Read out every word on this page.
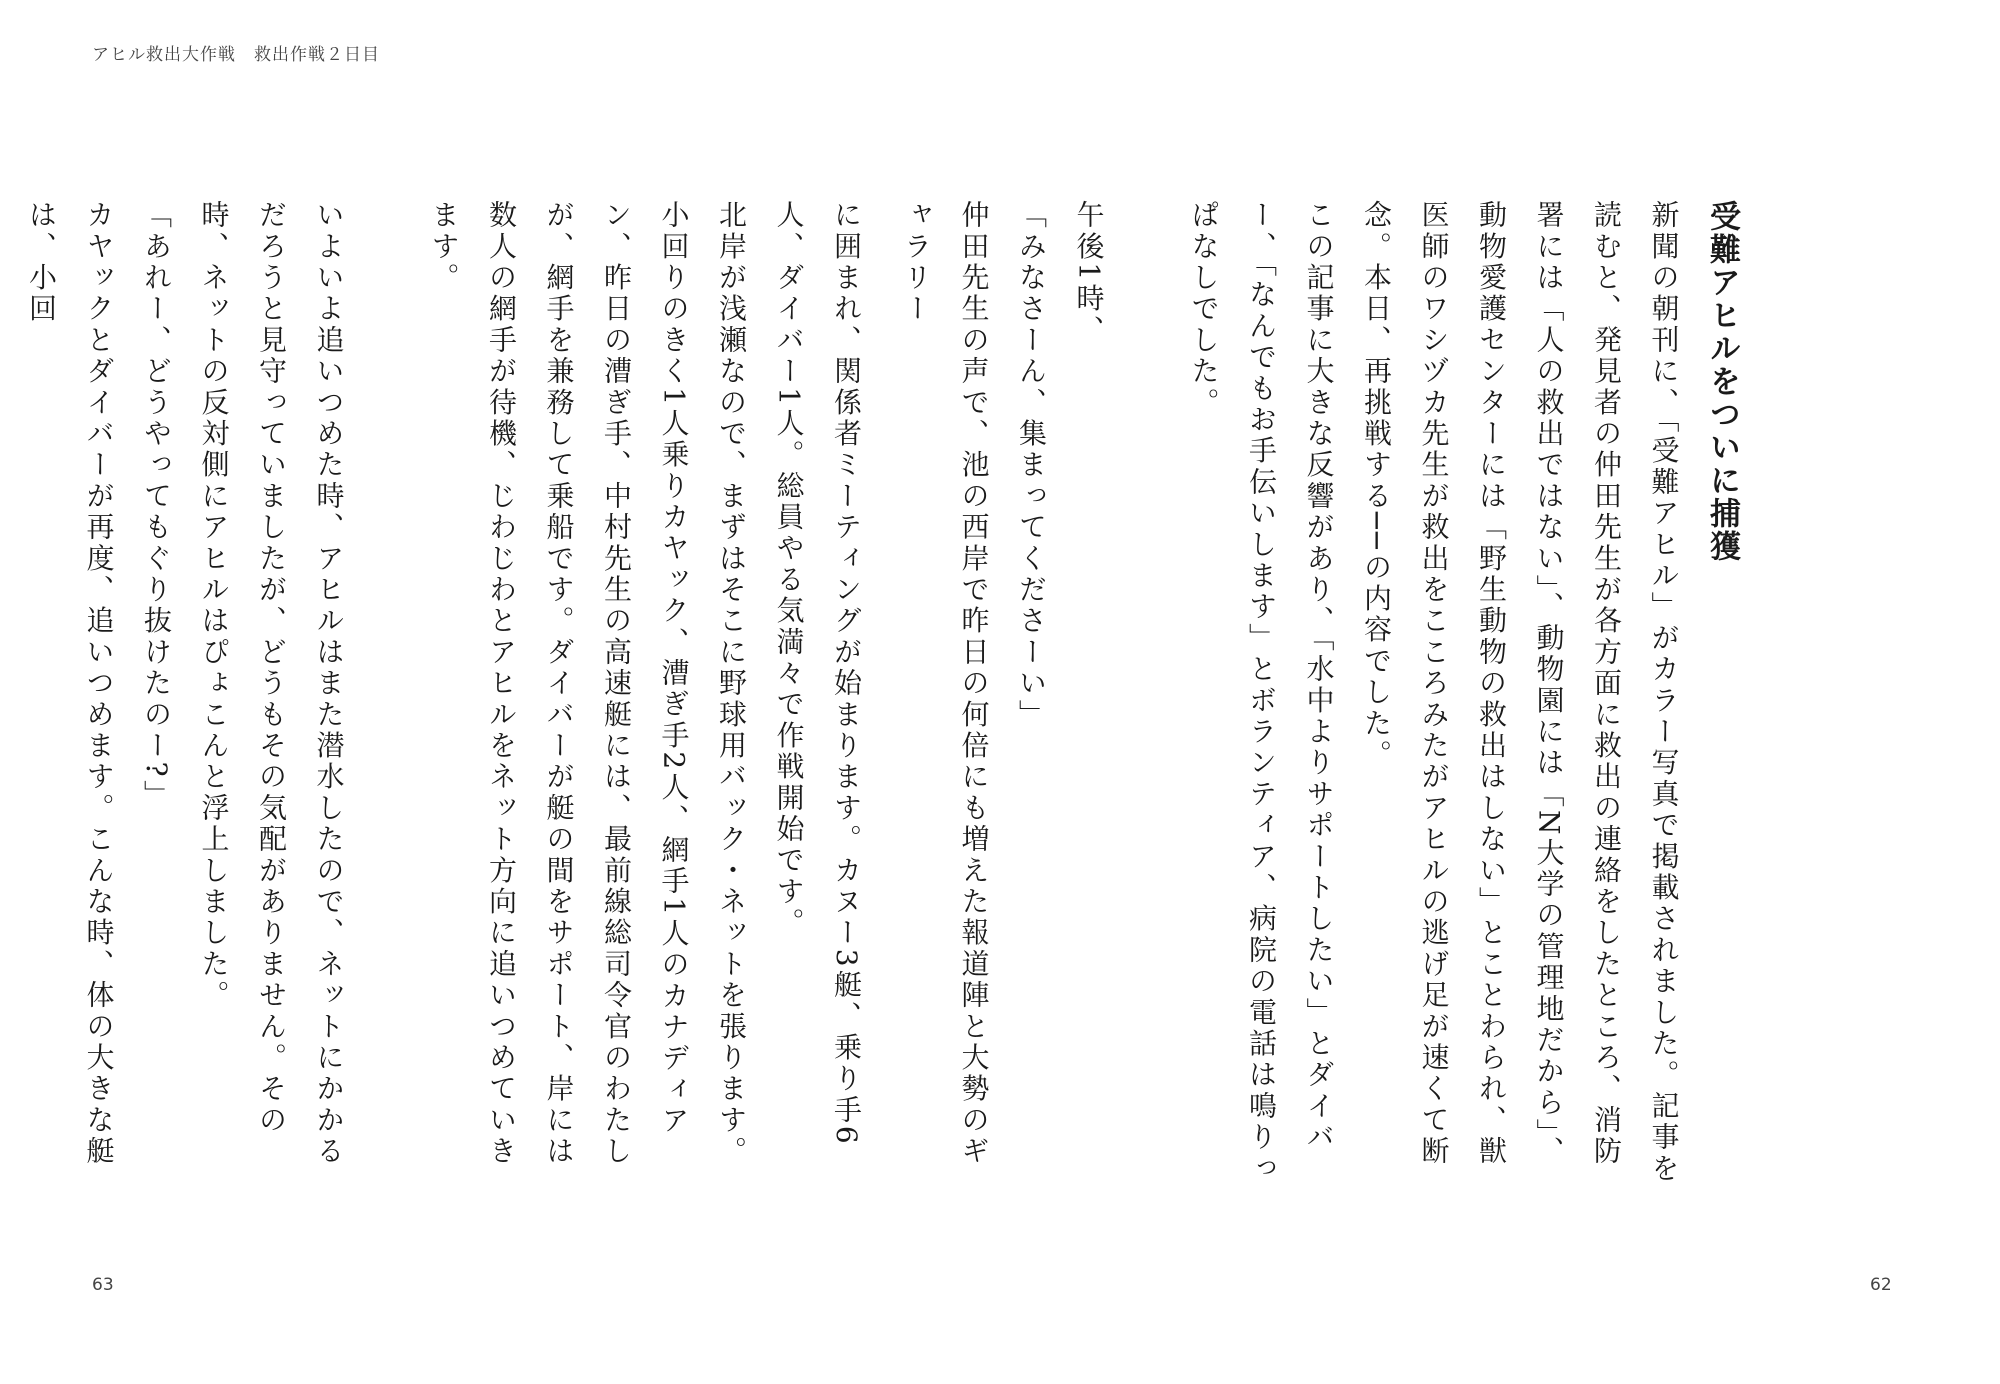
アヒル救出大作戦　救出作戦２日目

受難アヒルをついに捕獲

新聞の朝刊に、「受難アヒル」がカラー写真で掲載されました。記事を読むと、発見者の仲田先生が各方面に救出の連絡をしたところ、消防署には「人の救出ではない」、動物園には「N大学の管理地だから」、動物愛護センターには「野生動物の救出はしない」とことわられ、獣医師のワシヅカ先生が救出をこころみたがアヒルの逃げ足が速くて断念。本日、再挑戦する──の内容でした。

この記事に大きな反響があり、「水中よりサポートしたい」とダイバー、「なんでもお手伝いします」とボランティア、病院の電話は鳴りっぱなしでした。

午後1時、

「みなさーん、集まってくださーい」

仲田先生の声で、池の西岸で昨日の何倍にも増えた報道陣と大勢のギャラリー

に囲まれ、関係者ミーティングが始まります。カヌー3艇、乗り手6人、ダイバー1人。総員やる気満々で作戦開始です。

北岸が浅瀬なので、まずはそこに野球用バック・ネットを張ります。小回りのきく1人乗りカヤック、漕ぎ手2人、網手1人のカナディアン、昨日の漕ぎ手、中村先生の高速艇には、最前線総司令官のわたしが、網手を兼務して乗船です。ダイバーが艇の間をサポート、岸には数人の網手が待機、じわじわとアヒルをネット方向に追いつめていきます。

いよいよ追いつめた時、アヒルはまた潜水したので、ネットにかかるだろうと見守っていましたが、どうもその気配がありません。その時、ネットの反対側にアヒルはぴょこんと浮上しました。

「あれー、どうやってもぐり抜けたのー?」

カヤックとダイバーが再度、追いつめます。こんな時、体の大きな艇は、小回

63	62
